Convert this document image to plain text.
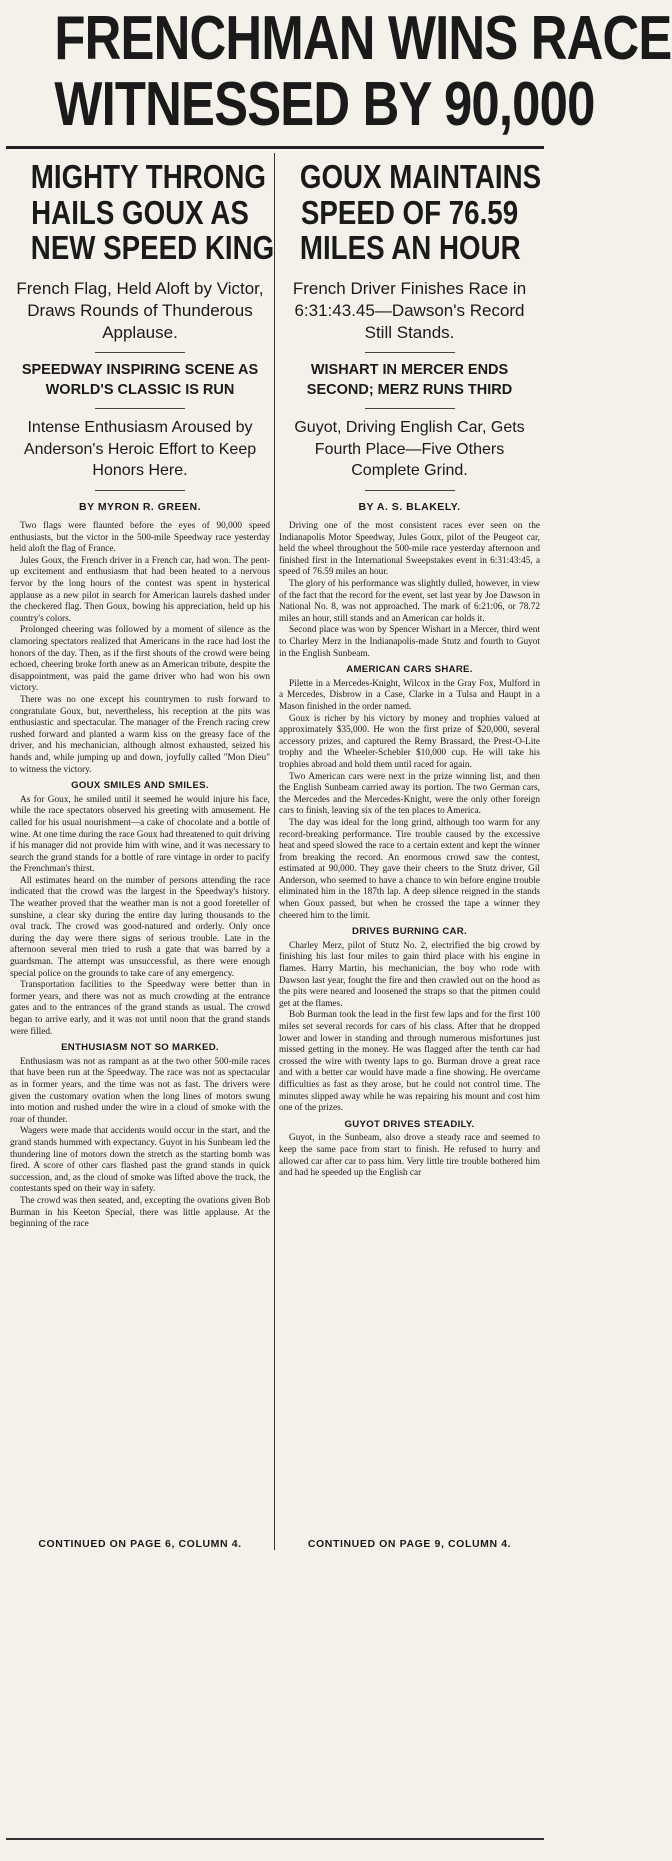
FRENCHMAN WINS RACE
WITNESSED BY 90,000
MIGHTY THRONG
HAILS GOUX AS
NEW SPEED KING
French Flag, Held Aloft by Victor, Draws Rounds of Thunderous Applause.
SPEEDWAY INSPIRING SCENE AS WORLD'S CLASSIC IS RUN
Intense Enthusiasm Aroused by Anderson's Heroic Effort to Keep Honors Here.
BY MYRON R. GREEN.

Two flags were flaunted before the eyes of 90,000 speed enthusiasts, but the victor in the 500-mile Speedway race yesterday held aloft the flag of France.

Jules Goux, the French driver in a French car, had won. The pent-up excitement and enthusiasm that had been heated to a nervous fervor by the long hours of the contest was spent in hysterical applause as a new pilot in search for American laurels dashed under the checkered flag. Then Goux, bowing his appreciation, held up his country's colors.

Prolonged cheering was followed by a moment of silence as the clamoring spectators realized that Americans in the race had lost the honors of the day. Then, as if the first shouts of the crowd were being echoed, cheering broke forth anew as an American tribute, despite the disappointment, was paid the game driver who had won his own victory.

There was no one except his countrymen to rush forward to congratulate Goux, but, nevertheless, his reception at the pits was enthusiastic and spectacular. The manager of the French racing crew rushed forward and planted a warm kiss on the greasy face of the driver, and his mechanician, although almost exhausted, seized his hands and, while jumping up and down, joyfully called "Mon Dieu" to witness the victory.

GOUX SMILES AND SMILES.

As for Goux, he smiled until it seemed he would injure his face, while the race spectators observed his greeting with amusement. He called for his usual nourishment—a cake of chocolate and a bottle of wine. At one time during the race Goux had threatened to quit driving if his manager did not provide him with wine, and it was necessary to search the grand stands for a bottle of rare vintage in order to pacify the Frenchman's thirst.

All estimates heard on the number of persons attending the race indicated that the crowd was the largest in the Speedway's history. The weather proved that the weather man is not a good foreteller of sunshine, a clear sky during the entire day luring thousands to the oval track. The crowd was good-natured and orderly. Only once during the day were there signs of serious trouble. Late in the afternoon several men tried to rush a gate that was barred by a guardsman. The attempt was unsuccessful, as there were enough special police on the grounds to take care of any emergency.

Transportation facilities to the Speedway were better than in former years, and there was not as much crowding at the entrance gates and to the entrances of the grand stands as usual. The crowd began to arrive early, and it was not until noon that the grand stands were filled.

ENTHUSIASM NOT SO MARKED.

Enthusiasm was not as rampant as at the two other 500-mile races that have been run at the Speedway. The race was not as spectacular as in former years, and the time was not as fast. The drivers were given the customary ovation when the long lines of motors swung into motion and rushed under the wire in a cloud of smoke with the roar of thunder.

Wagers were made that accidents would occur in the start, and the grand stands hummed with expectancy. Guyot in his Sunbeam led the thundering line of motors down the stretch as the starting bomb was fired. A score of other cars flashed past the grand stands in quick succession, and, as the cloud of smoke was lifted above the track, the contestants sped on their way in safety.

The crowd was then seated, and, excepting the ovations given Bob Burman in his Keeton Special, there was little applause. At the beginning of the race

CONTINUED ON PAGE 6, COLUMN 4.
GOUX MAINTAINS
SPEED OF 76.59
MILES AN HOUR
French Driver Finishes Race in 6:31:43.45—Dawson's Record Still Stands.
WISHART IN MERCER ENDS SECOND; MERZ RUNS THIRD
Guyot, Driving English Car, Gets Fourth Place—Five Others Complete Grind.
BY A. S. BLAKELY.

Driving one of the most consistent races ever seen on the Indianapolis Motor Speedway, Jules Goux, pilot of the Peugeot car, held the wheel throughout the 500-mile race yesterday afternoon and finished first in the International Sweepstakes event in 6:31:43:45, a speed of 76.59 miles an hour.

The glory of his performance was slightly dulled, however, in view of the fact that the record for the event, set last year by Joe Dawson in National No. 8, was not approached. The mark of 6:21:06, or 78.72 miles an hour, still stands and an American car holds it.

Second place was won by Spencer Wishart in a Mercer, third went to Charley Merz in the Indianapolis-made Stutz and fourth to Guyot in the English Sunbeam.

AMERICAN CARS SHARE.

Pilette in a Mercedes-Knight, Wilcox in the Gray Fox, Mulford in a Mercedes, Disbrow in a Case, Clarke in a Tulsa and Haupt in a Mason finished in the order named.

Goux is richer by his victory by money and trophies valued at approximately $35,000. He won the first prize of $20,000, several accessory prizes, and captured the Remy Brassard, the Prest-O-Lite trophy and the Wheeler-Schebler $10,000 cup. He will take his trophies abroad and hold them until raced for again.

Two American cars were next in the prize winning list, and then the English Sunbeam carried away its portion. The two German cars, the Mercedes and the Mercedes-Knight, were the only other foreign cars to finish, leaving six of the ten places to America.

The day was ideal for the long grind, although too warm for any record-breaking performance. Tire trouble caused by the excessive heat and speed slowed the race to a certain extent and kept the winner from breaking the record. An enormous crowd saw the contest, estimated at 90,000. They gave their cheers to the Stutz driver, Gil Anderson, who seemed to have a chance to win before engine trouble eliminated him in the 187th lap. A deep silence reigned in the stands when Goux passed, but when he crossed the tape a winner they cheered him to the limit.

DRIVES BURNING CAR.

Charley Merz, pilot of Stutz No. 2, electrified the big crowd by finishing his last four miles to gain third place with his engine in flames. Harry Martin, his mechanician, the boy who rode with Dawson last year, fought the fire and then crawled out on the hood as the pits were neared and loosened the straps so that the pitmen could get at the flames.

Bob Burman took the lead in the first few laps and for the first 100 miles set several records for cars of his class. After that he dropped lower and lower in standing and through numerous misfortunes just missed getting in the money. He was flagged after the tenth car had crossed the wire with twenty laps to go. Burman drove a great race and with a better car would have made a fine showing. He overcame difficulties as fast as they arose, but he could not control time. The minutes slipped away while he was repairing his mount and cost him one of the prizes.

GUYOT DRIVES STEADILY.

Guyot, in the Sunbeam, also drove a steady race and seemed to keep the same pace from start to finish. He refused to hurry and allowed car after car to pass him. Very little tire trouble bothered him and had he speeded up the English car

CONTINUED ON PAGE 9, COLUMN 4.
